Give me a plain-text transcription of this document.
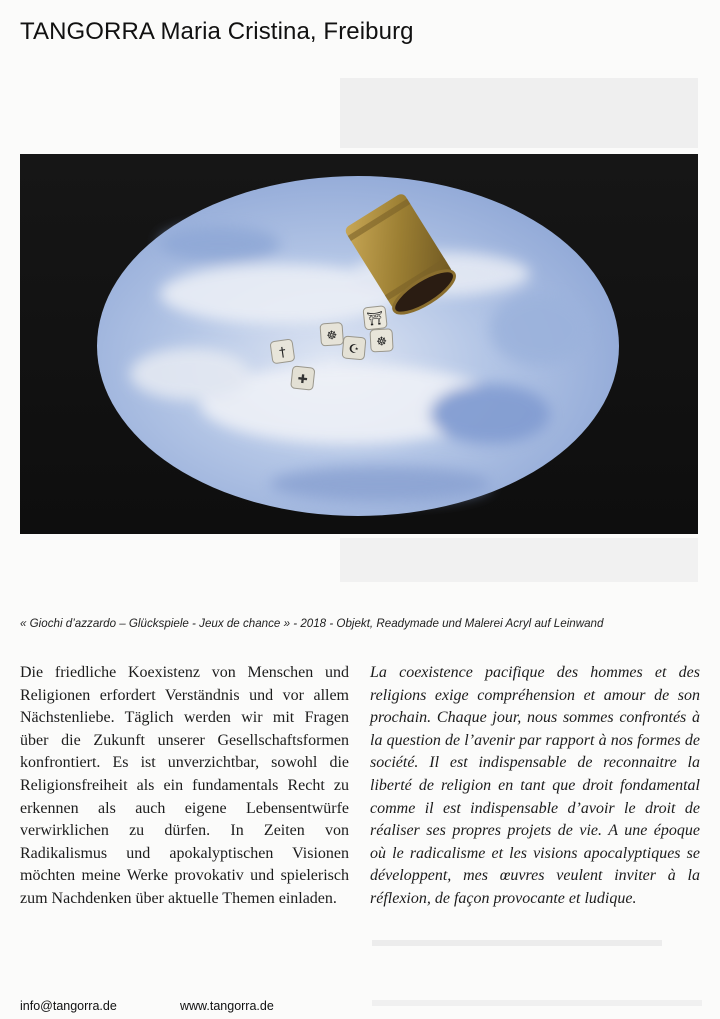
TANGORRA Maria Cristina, Freiburg
†
✚
☸
⛩
☪
☸
« Giochi d’azzardo – Glückspiele - Jeux de chance » - 2018 - Objekt, Readymade und Malerei Acryl auf Leinwand
Die friedliche Koexistenz von Menschen und Religionen erfordert Verständnis und vor allem Nächstenliebe. Täglich werden wir mit Fragen über die Zukunft unserer Gesellschaftsformen konfrontiert. Es ist unverzichtbar, sowohl die Religionsfreiheit als ein fundamentals Recht zu erkennen als auch eigene Lebensentwürfe verwirklichen zu dürfen. In Zeiten von Radikalismus und apokalyptischen Visionen möchten meine Werke provokativ und spielerisch zum Nachdenken über aktuelle Themen einladen.
La coexistence pacifique des hommes et des religions exige compréhension et amour de son prochain. Chaque jour, nous sommes confrontés à la question de l’avenir par rapport à nos formes de société. Il est indispensable de reconnaitre la liberté de religion en tant que droit fondamental comme il est indispensable d’avoir le droit de réaliser ses propres projets de vie. A une époque où le radicalisme et les visions apocalyptiques se développent, mes œuvres veulent inviter à la réflexion, de façon provocante et ludique.
info@tangorra.de	www.tangorra.de
